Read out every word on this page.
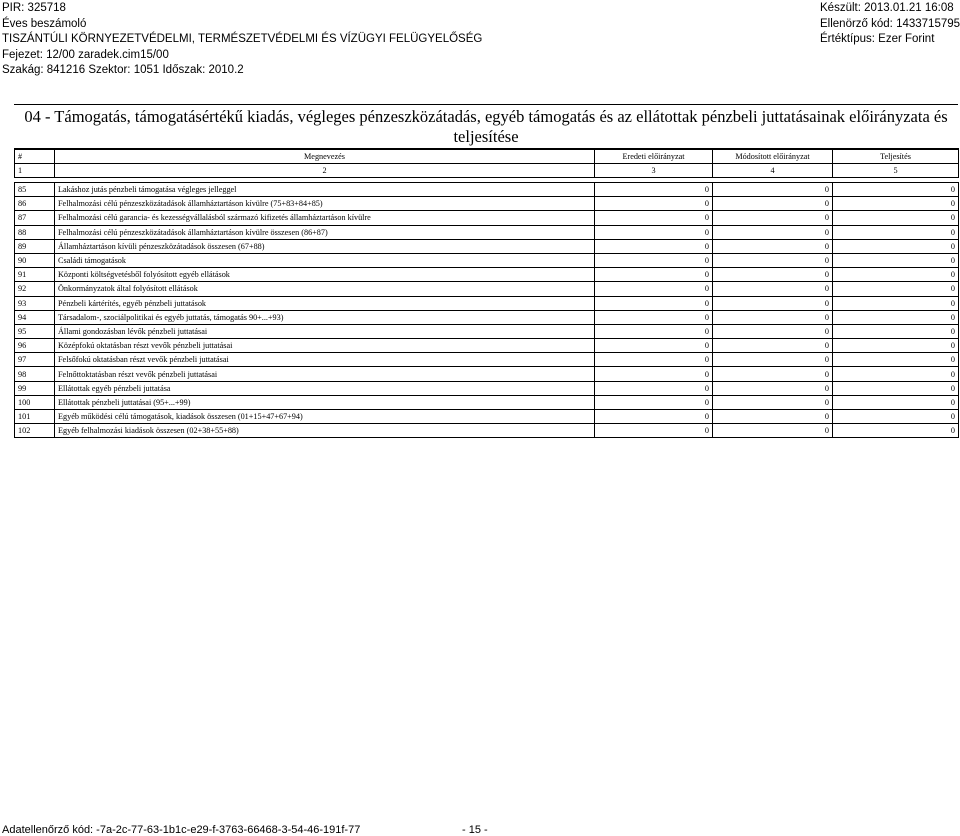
PIR: 325718
Éves beszámoló
TISZÁNTÚLI KÖRNYEZETVÉDELMI, TERMÉSZETVÉDELMI ÉS VÍZÜGYI FELÜGYELŐSÉG
Fejezet: 12/00 zaradek.cim15/00
Szakág: 841216 Szektor: 1051 Időszak: 2010.2
Készült: 2013.01.21 16:08
Ellenörző kód: 1433715795
Értéktípus: Ezer Forint
04 - Támogatás, támogatásértékű kiadás, végleges pénzeszközátadás, egyéb támogatás és az ellátottak pénzbeli juttatásainak előirányzata és teljesítése
#	Megnevezés	Eredeti előirányzat	Módosított előirányzat	Teljesítés
1	2	3	4	5

85	Lakáshoz jutás pénzbeli támogatása végleges jelleggel	0	0	0
86	Felhalmozási célú pénzeszközátadások államháztartáson kívülre (75+83+84+85)	0	0	0
87	Felhalmozási célú garancia- és kezességvállalásból származó kifizetés államháztartáson kívülre	0	0	0
88	Felhalmozási célú pénzeszközátadások államháztartáson kívülre összesen (86+87)	0	0	0
89	Államháztartáson kívüli pénzeszközátadások összesen (67+88)	0	0	0
90	Családi támogatások	0	0	0
91	Központi költségvetésből folyósított egyéb ellátások	0	0	0
92	Önkormányzatok által folyósított ellátások	0	0	0
93	Pénzbeli kártérítés, egyéb pénzbeli juttatások	0	0	0
94	Társadalom-, szociálpolitikai és egyéb juttatás, támogatás 90+...+93)	0	0	0
95	Állami gondozásban lévők pénzbeli juttatásai	0	0	0
96	Középfokú oktatásban részt vevők pénzbeli juttatásai	0	0	0
97	Felsőfokú oktatásban részt vevők pénzbeli juttatásai	0	0	0
98	Felnőttoktatásban részt vevők pénzbeli juttatásai	0	0	0
99	Ellátottak egyéb pénzbeli juttatása	0	0	0
100	Ellátottak pénzbeli juttatásai (95+...+99)	0	0	0
101	Egyéb működési célú támogatások, kiadások összesen (01+15+47+67+94)	0	0	0
102	Egyéb felhalmozási kiadások összesen (02+38+55+88)	0	0	0
Adatellenőrző kód: -7a-2c-77-63-1b1c-e29-f-3763-66468-3-54-46-191f-77	- 15 -
